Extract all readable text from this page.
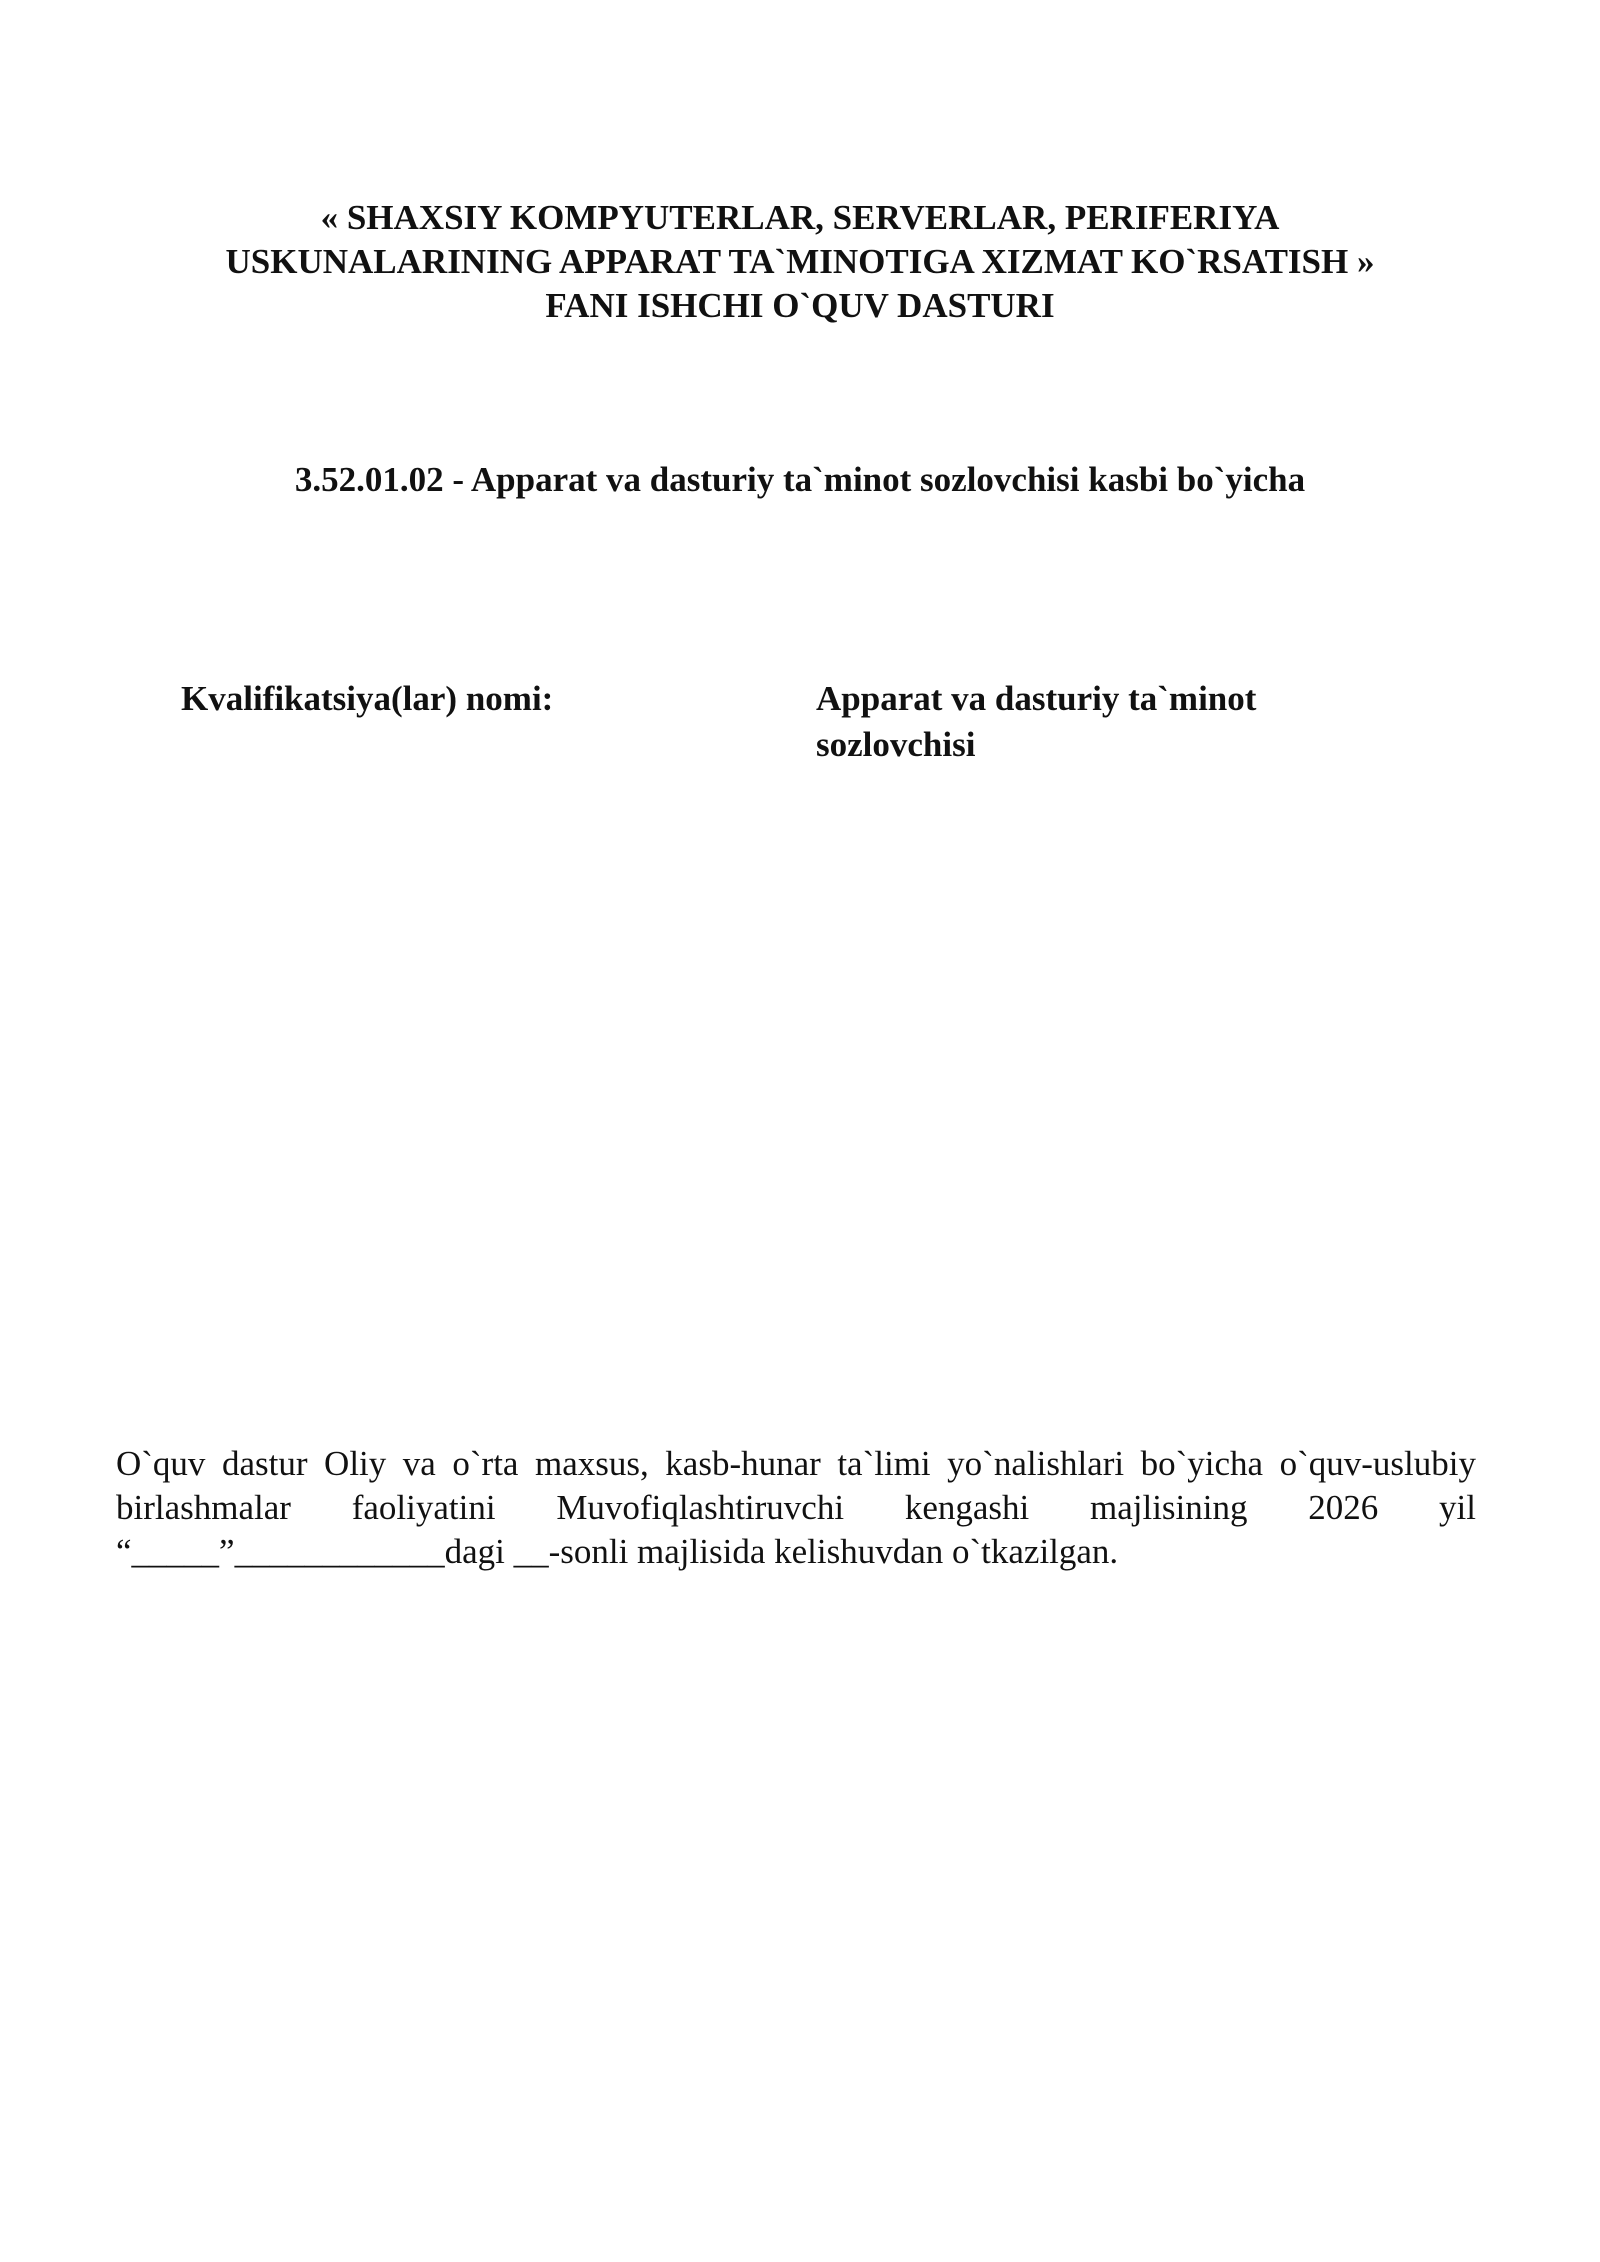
« SHAXSIY KOMPYUTERLAR, SERVERLAR, PERIFERIYA
USKUNALARINING APPARAT TA`MINOTIGA XIZMAT KO`RSATISH »
FANI ISHCHI O`QUV DASTURI
3.52.01.02 - Apparat va dasturiy ta`minot sozlovchisi kasbi bo`yicha
Kvalifikatsiya(lar) nomi:	Apparat va dasturiy ta`minot sozlovchisi
O`quv dastur Oliy va o`rta maxsus, kasb-hunar ta`limi yo`nalishlari bo`yicha o`quv-uslubiy birlashmalar faoliyatini Muvofiqlashtiruvchi kengashi majlisining 2026 yil “_____”____________dagi __-sonli majlisida kelishuvdan o`tkazilgan.
